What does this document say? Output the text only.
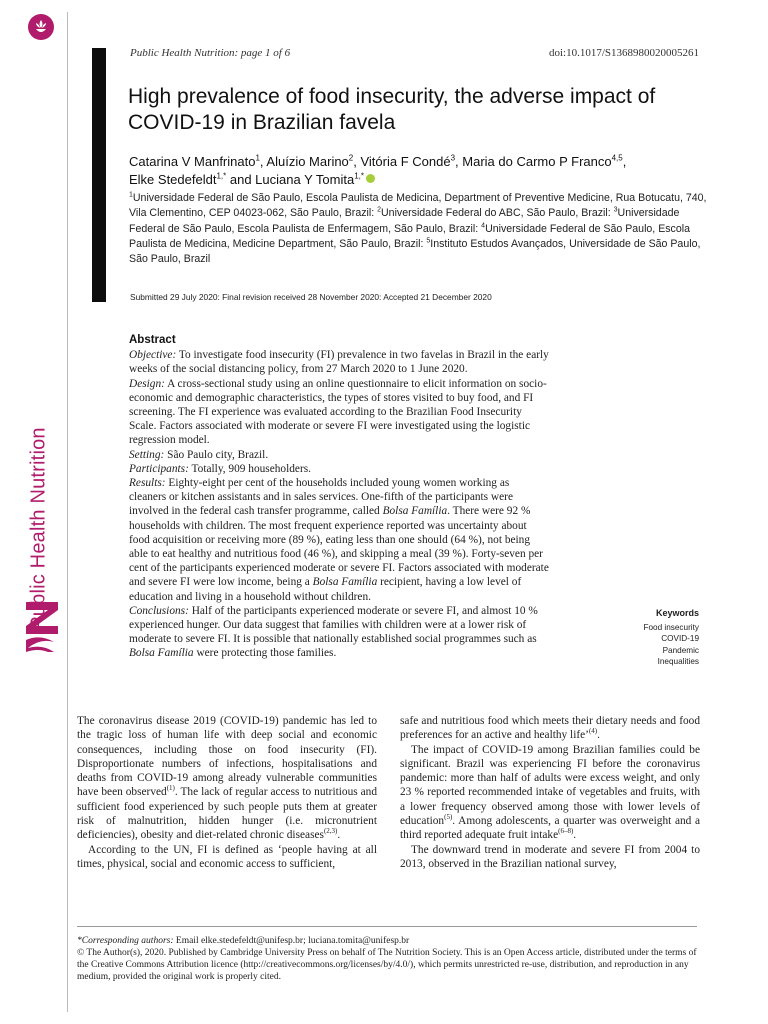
Public Health Nutrition
Public Health Nutrition: page 1 of 6	doi:10.1017/S1368980020005261
High prevalence of food insecurity, the adverse impact of COVID-19 in Brazilian favela
Catarina V Manfrinato$^1$, Aluízio Marino$^2$, Vitória F Condé$^3$, Maria do Carmo P Franco$^{4,5}$,
Elke Stedefeldt$^{1,*}$ and Luciana Y Tomita$^{1,*}$
$^1$Universidade Federal de São Paulo, Escola Paulista de Medicina, Department of Preventive Medicine, Rua Botucatu, 740, Vila Clementino, CEP 04023-062, São Paulo, Brazil: $^2$Universidade Federal do ABC, São Paulo, Brazil: $^3$Universidade Federal de São Paulo, Escola Paulista de Enfermagem, São Paulo, Brazil: $^4$Universidade Federal de São Paulo, Escola Paulista de Medicina, Medicine Department, São Paulo, Brazil: $^5$Instituto Estudos Avançados, Universidade de São Paulo, São Paulo, Brazil
Submitted 29 July 2020: Final revision received 28 November 2020: Accepted 21 December 2020
Abstract

Objective: To investigate food insecurity (FI) prevalence in two favelas in Brazil in the early weeks of the social distancing policy, from 27 March 2020 to 1 June 2020.

Design: A cross-sectional study using an online questionnaire to elicit information on socio-economic and demographic characteristics, the types of stores visited to buy food, and FI screening. The FI experience was evaluated according to the Brazilian Food Insecurity Scale. Factors associated with moderate or severe FI were investigated using the logistic regression model.

Setting: São Paulo city, Brazil.

Participants: Totally, 909 householders.

Results: Eighty-eight per cent of the households included young women working as cleaners or kitchen assistants and in sales services. One-fifth of the participants were involved in the federal cash transfer programme, called Bolsa Família. There were 92 % households with children. The most frequent experience reported was uncertainty about food acquisition or receiving more (89 %), eating less than one should (64 %), not being able to eat healthy and nutritious food (46 %), and skipping a meal (39 %). Forty-seven per cent of the participants experienced moderate or severe FI. Factors associated with moderate and severe FI were low income, being a Bolsa Família recipient, having a low level of education and living in a household without children.

Conclusions: Half of the participants experienced moderate or severe FI, and almost 10 % experienced hunger. Our data suggest that families with children were at a lower risk of moderate to severe FI. It is possible that nationally established social programmes such as Bolsa Família were protecting those families.

Keywords
Food insecurity
COVID-19
Pandemic
Inequalities

The coronavirus disease 2019 (COVID-19) pandemic has led to the tragic loss of human life with deep social and economic consequences, including those on food insecurity (FI). Disproportionate numbers of infections, hospitalisations and deaths from COVID-19 among already vulnerable communities have been observed$^{(1)}$. The lack of regular access to nutritious and sufficient food experienced by such people puts them at greater risk of malnutrition, hidden hunger (i.e. micronutrient deficiencies), obesity and diet-related chronic diseases$^{(2,3)}$.

According to the UN, FI is defined as ‘people having at all times, physical, social and economic access to sufficient,

safe and nutritious food which meets their dietary needs and food preferences for an active and healthy life’$^{(4)}$.

The impact of COVID-19 among Brazilian families could be significant. Brazil was experiencing FI before the coronavirus pandemic: more than half of adults were excess weight, and only 23 % reported recommended intake of vegetables and fruits, with a lower frequency observed among those with lower levels of education$^{(5)}$. Among adolescents, a quarter was overweight and a third reported adequate fruit intake$^{(6-8)}$.

The downward trend in moderate and severe FI from 2004 to 2013, observed in the Brazilian national survey,

*Corresponding authors: Email elke.stedefeldt@unifesp.br; luciana.tomita@unifesp.br

© The Author(s), 2020. Published by Cambridge University Press on behalf of The Nutrition Society. This is an Open Access article, distributed under the terms of the Creative Commons Attribution licence (http://creativecommons.org/licenses/by/4.0/), which permits unrestricted re-use, distribution, and reproduction in any medium, provided the original work is properly cited.
